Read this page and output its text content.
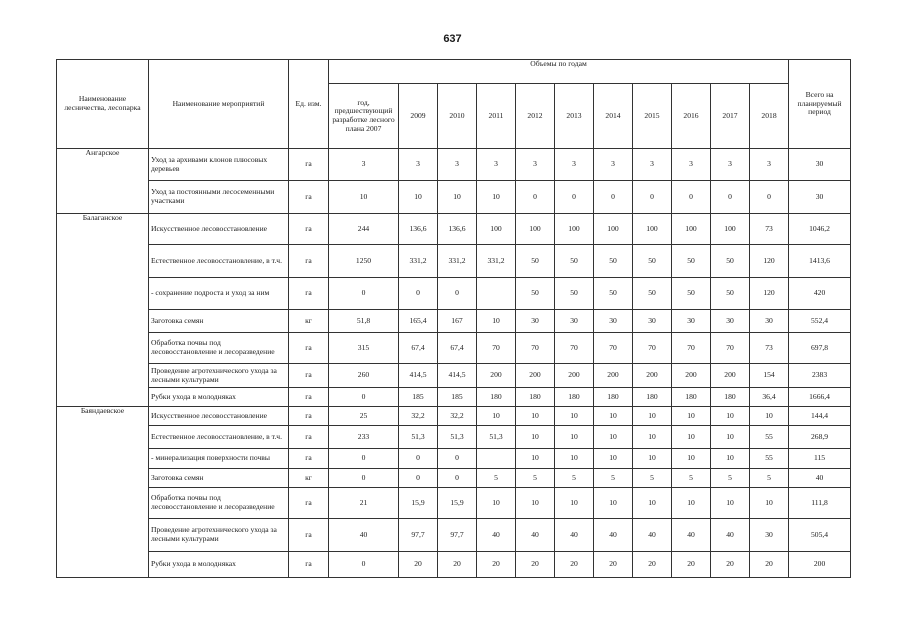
637
Наименование лесничества, лесопарка	Наименование мероприятий	Ед. изм.	Объемы по годам											Всего на планируемый период
			год, предшествующий разработке лесного плана 2007	2009	2010	2011	2012	2013	2014	2015	2016	2017	2018	
Ангарское	Уход за архивами клонов плюсовых деревьев	га	3	3	3	3	3	3	3	3	3	3	3	30
	Уход за постоянными лесосеменными участками	га	10	10	10	10	0	0	0	0	0	0	0	30
Балаганское	Искусственное лесовосстановление	га	244	136,6	136,6	100	100	100	100	100	100	100	73	1046,2
	Естественное лесовосстановление, в т.ч.	га	1250	331,2	331,2	331,2	50	50	50	50	50	50	120	1413,6
	- сохранение подроста и уход за ним	га	0	0	0		50	50	50	50	50	50	120	420
	Заготовка семян	кг	51,8	165,4	167	10	30	30	30	30	30	30	30	552,4
	Обработка почвы под лесовосстановление и лесоразведение	га	315	67,4	67,4	70	70	70	70	70	70	70	73	697,8
	Проведение агротехнического ухода за лесными культурами	га	260	414,5	414,5	200	200	200	200	200	200	200	154	2383
	Рубки ухода в молодняках	га	0	185	185	180	180	180	180	180	180	180	36,4	1666,4
Баяндаевское	Искусственное лесовосстановление	га	25	32,2	32,2	10	10	10	10	10	10	10	10	144,4
	Естественное лесовосстановление, в т.ч.	га	233	51,3	51,3	51,3	10	10	10	10	10	10	55	268,9
	- минерализация поверхности почвы	га	0	0	0		10	10	10	10	10	10	55	115
	Заготовка семян	кг	0	0	0	5	5	5	5	5	5	5	5	40
	Обработка почвы под лесовосстановление и лесоразведение	га	21	15,9	15,9	10	10	10	10	10	10	10	10	111,8
	Проведение агротехнического ухода за лесными культурами	га	40	97,7	97,7	40	40	40	40	40	40	40	30	505,4
	Рубки ухода в молодняках	га	0	20	20	20	20	20	20	20	20	20	20	200
